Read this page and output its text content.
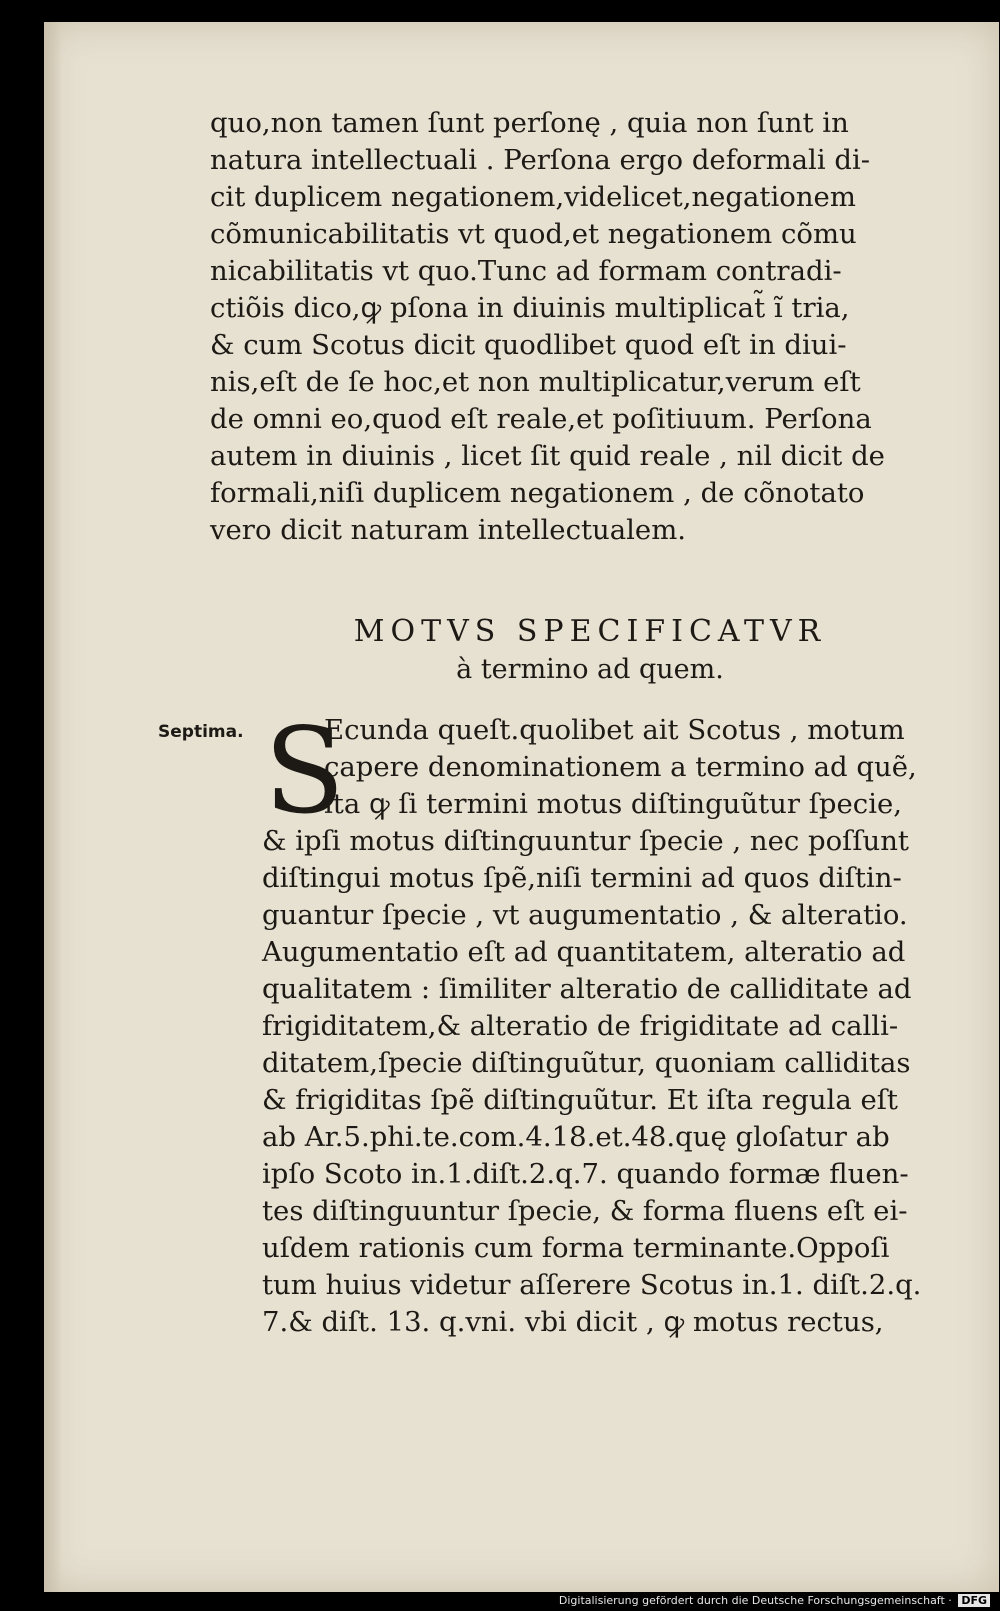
quo,non tamen ſunt perſonę , quia non ſunt in
natura intellectuali . Perſona ergo deformali di-
cit duplicem negationem,videlicet,negationem
cõmunicabilitatis vt quod,et negationem cõmu
nicabilitatis vt quo.Tunc ad formam contradi-
ctiõis dico,ꝙ pſona in diuinis multiplicat̃ ĩ tria,
& cum Scotus dicit quodlibet quod eſt in diui-
nis,eſt de ſe hoc,et non multiplicatur,verum eſt
de omni eo,quod eſt reale,et poſitiuum. Perſona
autem in diuinis , licet ſit quid reale , nil dicit de
formali,niſi duplicem negationem , de cõnotato
vero dicit naturam intellectualem.
MOTVS SPECIFICATVR
à termino ad quem.
Septima. S
Ecunda queſt.quolibet ait Scotus , motum
capere denominationem a termino ad quẽ,
ita ꝙ ſi termini motus diſtinguũtur ſpecie,
& ipſi motus diſtinguuntur ſpecie , nec poſſunt
diſtingui motus ſpẽ,niſi termini ad quos diſtin-
guantur ſpecie , vt augumentatio , & alteratio.
Augumentatio eſt ad quantitatem, alteratio ad
qualitatem : ſimiliter alteratio de calliditate ad
frigiditatem,& alteratio de frigiditate ad calli-
ditatem,ſpecie diſtinguũtur, quoniam calliditas
& frigiditas ſpẽ diſtinguũtur. Et iſta regula eſt
ab Ar.5.phi.te.com.4.18.et.48.quę gloſatur ab
ipſo Scoto in.1.diſt.2.q.7. quando formæ fluen-
tes diſtinguuntur ſpecie, & forma fluens eſt ei-
uſdem rationis cum forma terminante.Oppoſi
tum huius videtur aſſerere Scotus in.1. diſt.2.q.
7.& diſt. 13. q.vni. vbi dicit , ꝙ motus rectus,
Digitalisierung gefördert durch die Deutsche Forschungsgemeinschaft · DFG
